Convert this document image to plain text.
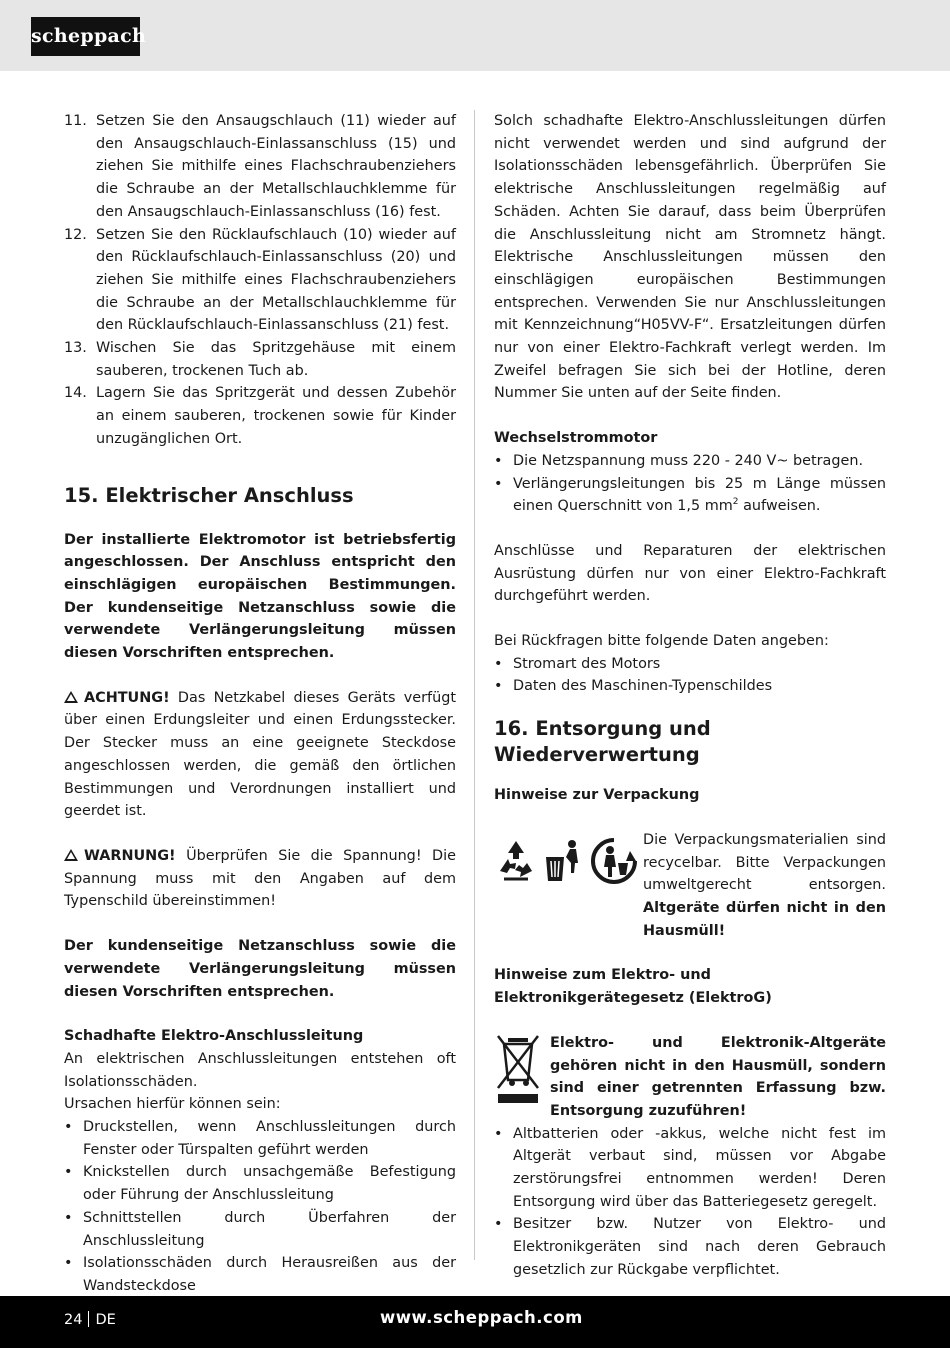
scheppach
11. Setzen Sie den Ansaugschlauch (11) wieder auf den Ansaugschlauch-Einlassanschluss (15) und ziehen Sie mithilfe eines Flachschraubenziehers die Schraube an der Metallschlauchklemme für den Ansaugschlauch-Einlassanschluss (16) fest.
12. Setzen Sie den Rücklaufschlauch (10) wieder auf den Rücklaufschlauch-Einlassanschluss (20) und ziehen Sie mithilfe eines Flachschraubenziehers die Schraube an der Metallschlauchklemme für den Rücklaufschlauch-Einlassanschluss (21) fest.
13. Wischen Sie das Spritzgehäuse mit einem sauberen, trockenen Tuch ab.
14. Lagern Sie das Spritzgerät und dessen Zubehör an einem sauberen, trockenen sowie für Kinder unzugänglichen Ort.
15. Elektrischer Anschluss

Der installierte Elektromotor ist betriebsfertig angeschlossen. Der Anschluss entspricht den einschlägigen europäischen Bestimmungen. Der kundenseitige Netzanschluss sowie die verwendete Verlängerungsleitung müssen diesen Vorschriften entsprechen.

ACHTUNG! Das Netzkabel dieses Geräts verfügt über einen Erdungsleiter und einen Erdungsstecker. Der Stecker muss an eine geeignete Steckdose angeschlossen werden, die gemäß den örtlichen Bestimmungen und Verordnungen installiert und geerdet ist.

WARNUNG! Überprüfen Sie die Spannung! Die Spannung muss mit den Angaben auf dem Typenschild übereinstimmen!

Der kundenseitige Netzanschluss sowie die verwendete Verlängerungsleitung müssen diesen Vorschriften entsprechen.

Schadhafte Elektro-Anschlussleitung

An elektrischen Anschlussleitungen entstehen oft Isolationsschäden.

Ursachen hierfür können sein:

• Druckstellen, wenn Anschlussleitungen durch Fenster oder Türspalten geführt werden
• Knickstellen durch unsachgemäße Befestigung oder Führung der Anschlussleitung
• Schnittstellen durch Überfahren der Anschlussleitung
• Isolationsschäden durch Herausreißen aus der Wandsteckdose

Solch schadhafte Elektro-Anschlussleitungen dürfen nicht verwendet werden und sind aufgrund der Isolationsschäden lebensgefährlich. Überprüfen Sie elektrische Anschlussleitungen regelmäßig auf Schäden. Achten Sie darauf, dass beim Überprüfen die Anschlussleitung nicht am Stromnetz hängt. Elektrische Anschlussleitungen müssen den einschlägigen europäischen Bestimmungen entsprechen. Verwenden Sie nur Anschlussleitungen mit Kennzeichnung“H05VV-F“. Ersatzleitungen dürfen nur von einer Elektro-Fachkraft verlegt werden. Im Zweifel befragen Sie sich bei der Hotline, deren Nummer Sie unten auf der Seite finden.

Wechselstrommotor

• Die Netzspannung muss 220 - 240 V~ betragen.
• Verlängerungsleitungen bis 25 m Länge müssen einen Querschnitt von 1,5 $mm^2$ aufweisen.

Anschlüsse und Reparaturen der elektrischen Ausrüstung dürfen nur von einer Elektro-Fachkraft durchgeführt werden.

Bei Rückfragen bitte folgende Daten angeben:

• Stromart des Motors
• Daten des Maschinen-Typenschildes
16. Entsorgung und Wiederverwertung

Hinweise zur Verpackung

Die Verpackungsmaterialien sind recycelbar. Bitte Verpackungen umweltgerecht entsorgen. Altgeräte dürfen nicht in den Hausmüll!

Hinweise zum Elektro- und Elektronikgerätegesetz (ElektroG)

Elektro- und Elektronik-Altgeräte gehören nicht in den Hausmüll, sondern sind einer getrennten Erfassung bzw. Entsorgung zuzuführen!

• Altbatterien oder -akkus, welche nicht fest im Altgerät verbaut sind, müssen vor Abgabe zerstörungsfrei entnommen werden! Deren Entsorgung wird über das Batteriegesetz geregelt.
• Besitzer bzw. Nutzer von Elektro- und Elektronikgeräten sind nach deren Gebrauch gesetzlich zur Rückgabe verpflichtet.
24 DE	www.scheppach.com
